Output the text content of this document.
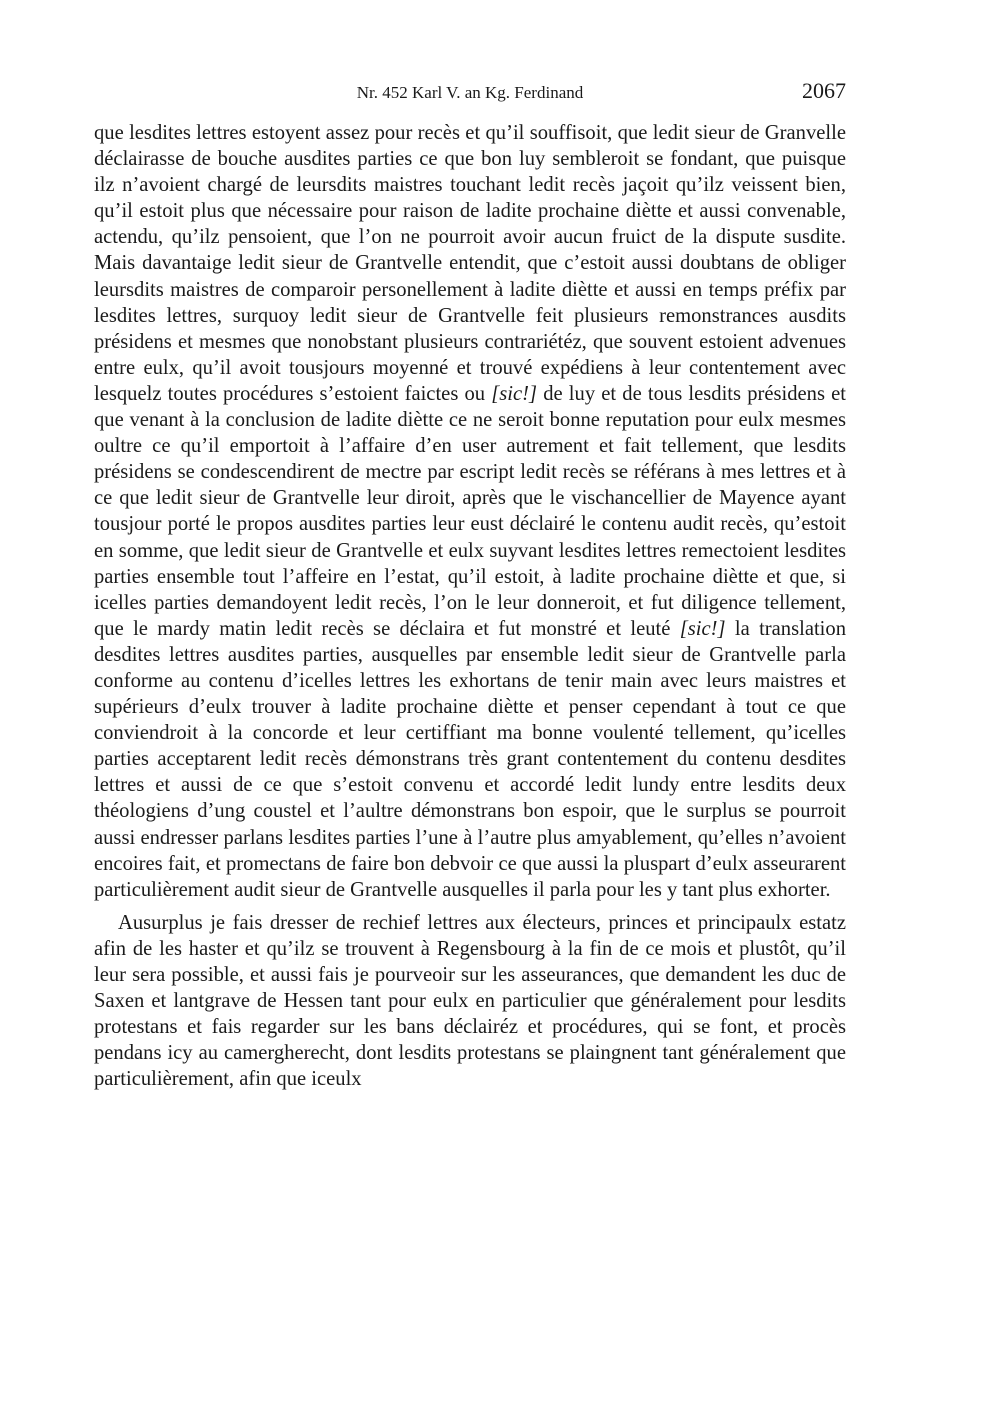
Nr. 452 Karl V. an Kg. Ferdinand	2067

que lesdites lettres estoyent assez pour recès et qu’il souffisoit, que ledit sieur de Granvelle déclairasse de bouche ausdites parties ce que bon luy sembleroit se fondant, que puisque ilz n’avoient chargé de leursdits maistres touchant ledit recès jaçoit qu’ilz veissent bien, qu’il estoit plus que nécessaire pour raison de ladite prochaine diètte et aussi convenable, actendu, qu’ilz pensoient, que l’on ne pourroit avoir aucun fruict de la dispute susdite. Mais davantaige ledit sieur de Grantvelle entendit, que c’estoit aussi doubtans de obliger leursdits maistres de comparoir personellement à ladite diètte et aussi en temps préfix par lesdites lettres, surquoy ledit sieur de Grantvelle feit plusieurs remonstrances ausdits présidens et mesmes que nonobstant plusieurs contrariétéz, que souvent estoient advenues entre eulx, qu’il avoit tousjours moyenné et trouvé expédiens à leur contentement avec lesquelz toutes procédures s’estoient faictes ou [sic!] de luy et de tous lesdits présidens et que venant à la conclusion de ladite diètte ce ne seroit bonne reputation pour eulx mesmes oultre ce qu’il emportoit à l’affaire d’en user autrement et fait tellement, que lesdits présidens se condescendirent de mectre par escript ledit recès se référans à mes lettres et à ce que ledit sieur de Grantvelle leur diroit, après que le vischancellier de Mayence ayant tousjour porté le propos ausdites parties leur eust déclairé le contenu audit recès, qu’estoit en somme, que ledit sieur de Grantvelle et eulx suyvant lesdites lettres remectoient lesdites parties ensemble tout l’affeire en l’estat, qu’il estoit, à ladite prochaine diètte et que, si icelles parties demandoyent ledit recès, l’on le leur donneroit, et fut diligence tellement, que le mardy matin ledit recès se déclaira et fut monstré et leuté [sic!] la translation desdites lettres ausdites parties, ausquelles par ensemble ledit sieur de Grantvelle parla conforme au contenu d’icelles lettres les exhortans de tenir main avec leurs maistres et supérieurs d’eulx trouver à ladite prochaine diètte et penser cependant à tout ce que conviendroit à la concorde et leur certiffiant ma bonne voulenté tellement, qu’icelles parties acceptarent ledit recès démonstrans très grant contentement du contenu desdites lettres et aussi de ce que s’estoit convenu et accordé ledit lundy entre lesdits deux théologiens d’ung coustel et l’aultre démonstrans bon espoir, que le surplus se pourroit aussi endresser parlans lesdites parties l’une à l’autre plus amyablement, qu’elles n’avoient encoires fait, et promectans de faire bon debvoir ce que aussi la pluspart d’eulx asseurarent particulièrement audit sieur de Grantvelle ausquelles il parla pour les y tant plus exhorter.

Ausurplus je fais dresser de rechief lettres aux électeurs, princes et principaulx estatz afin de les haster et qu’ilz se trouvent à Regensbourg à la fin de ce mois et plustôt, qu’il leur sera possible, et aussi fais je pourveoir sur les asseurances, que demandent les duc de Saxen et lantgrave de Hessen tant pour eulx en particulier que généralement pour lesdits protestans et fais regarder sur les bans déclairéz et procédures, qui se font, et procès pendans icy au camergherecht, dont lesdits protestans se plaingnent tant généralement que particulièrement, afin que iceulx
